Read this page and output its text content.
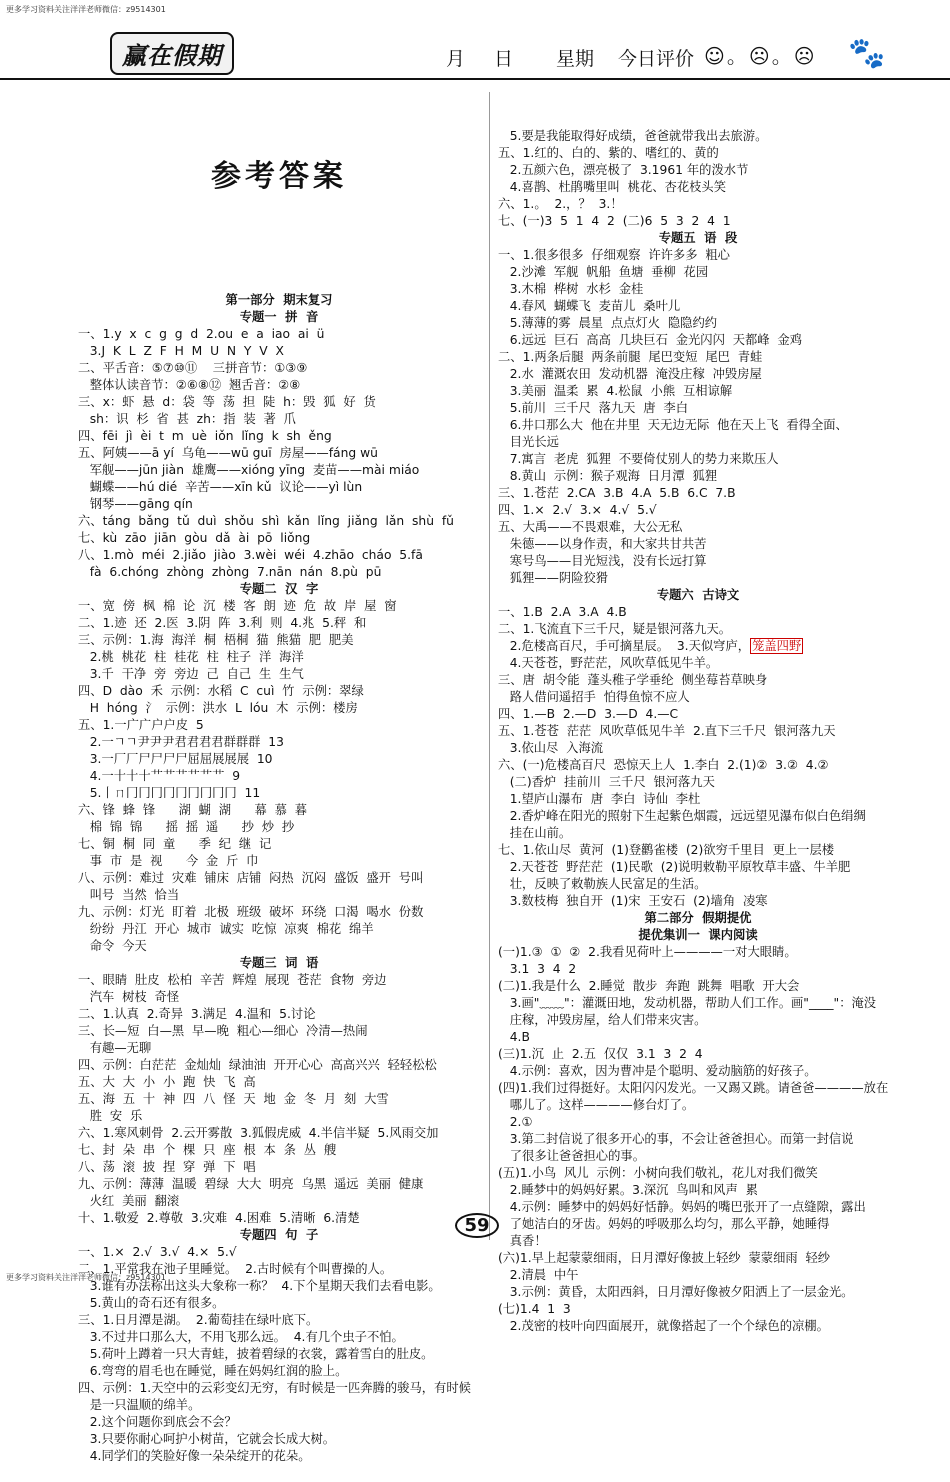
更多学习资料关注洋洋老师微信：z9514301
赢在假期	月 日 星期 今日评价 ☺。☹。☹ 🐾

参考答案

第一部分  期末复习
专题一  拼  音
一、1.y  x  c  g  g  d  2.ou  e  a  iao  ai  ü
3.J  K  L  Z  F  H  M  U  N  Y  V  X
二、平舌音：⑤⑦⑩⑪    三拼音节：①③⑨
整体认读音节：②⑥⑧⑫  翘舌音：②⑧
三、x：虾  悬  d：袋  等  荡  担  陡  h：毁  狐  好  货
sh：识  杉  省  甚  zh：指  装  著  爪
四、fēi  jì  èi  t  m  uè  iǒn  lǐng  k  sh  ěng
五、阿姨——ā yí  乌龟——wū guī  房屋——fáng wū
军舰——jūn jiàn  雄鹰——xióng yīng  麦苗——mài miáo
蝴蝶——hú dié  辛苦——xīn kǔ  议论——yì lùn
钢琴——gāng qín
六、táng  bǎng  tǔ  duì  shǒu  shì  kǎn  lǐng  jiǎng  lǎn  shù  fǔ
七、kù  zāo  jiān  gòu  dǎ  ài  pō  liǒng
八、1.mò  méi  2.jiǎo  jiào  3.wèi  wéi  4.zhāo  cháo  5.fā
fà  6.chóng  zhòng  zhòng  7.nān  nán  8.pù  pū
专题二  汉  字
一、宽  傍  枫  棉  论  沉  楼  客  朗  迹  危  故  岸  屋  窗
二、1.迹  还  2.医  3.阴  阵  3.利  则  4.兆  5.秤  和
三、示例：1.海  海洋  桐  梧桐  猫  熊猫  肥  肥美
2.桃  桃花  柱  桂花  柱  柱子  洋  海洋
3.千  干净  旁  旁边  己  自己  生  生气
四、D  dào  禾  示例：水稻  C  cuì  竹  示例：翠绿
H  hóng  氵  示例：洪水  L  lóu  木  示例：楼房
五、1.一广广户户皮  5
2.一ㄱㄱ尹尹尹君君君君群群群  13
3.一厂厂尸尸尸尸屈屈展展展  10
4.一十十十艹艹艹艹艹艹  9
5.丨ㄇ冂冂冂冂冂冂冂冂冂  11
六、锋  蜂  锋      湖  蝴  湖      幕  慕  暮
棉  锦  锦      摇  摇  遥      抄  炒  抄
七、铜  桐  同  童      季  纪  继  记
事  市  是  视      今  金  斤  巾
八、示例：难过  灾难  铺床  店铺  闷热  沉闷  盛饭  盛开  号叫
叫号  当然  恰当
九、示例：灯光  盯着  北极  班级  破坏  环绕  口渴  喝水  份数
纷纷  丹江  开心  城市  诚实  吃惊  凉爽  棉花  绵羊
命令  今天
专题三  词  语
一、眼睛  肚皮  松柏  辛苦  辉煌  展现  苍茫  食物  旁边
汽车  树枝  奇怪
二、1.认真  2.奇异  3.满足  4.温和  5.讨论
三、长—短  白—黑  早—晚  粗心—细心  冷清—热闹
有趣—无聊
四、示例：白茫茫  金灿灿  绿油油  开开心心  高高兴兴  轻轻松松
五、大  大  小  小  跑  快  飞  高
五、海  五  十  神  四  八  怪  天  地  金  冬  月  刻  大雪
胜  安  乐
六、1.寒风刺骨  2.云开雾散  3.狐假虎威  4.半信半疑  5.风雨交加
七、封  朵  串  个  棵  只  座  根  本  条  丛  艘
八、荡  滚  披  捏  穿  弹  下  唱
九、示例：薄薄  温暖  碧绿  大大  明亮  乌黑  遥远  美丽  健康
火红  美丽  翻滚
十、1.敬爱  2.尊敬  3.灾难  4.困难  5.清晰  6.清楚
专题四  句  子
一、1.×  2.√  3.√  4.×  5.√
二、1.平常我在池子里睡觉。  2.古时候有个叫曹操的人。
3.谁有办法称出这头大象称一称？  4.下个星期天我们去看电影。
5.黄山的奇石还有很多。
三、1.日月潭是湖。  2.葡萄挂在绿叶底下。
3.不过井口那么大，不用飞那么远。  4.有几个虫子不怕。
5.荷叶上蹲着一只大青蛙，披着碧绿的衣裳，露着雪白的肚皮。
6.弯弯的眉毛也在睡觉，睡在妈妈红润的脸上。
四、示例：1.天空中的云彩变幻无穷，有时候是一匹奔腾的骏马，有时候
是一只温顺的绵羊。
2.这个问题你到底会不会？
3.只要你耐心呵护小树苗，它就会长成大树。
4.同学们的笑脸好像一朵朵绽开的花朵。

5.要是我能取得好成绩，爸爸就带我出去旅游。
五、1.红的、白的、紫的、嗜红的、黄的
2.五颜六色，漂亮极了  3.1961 年的泼水节
4.喜鹊、杜鹃嘴里叫  桃花、杏花枝头笑
六、1.。  2.，？  3.！
七、(一)3  5  1  4  2  (二)6  5  3  2  4  1
专题五  语  段
一、1.很多很多  仔细观察  许许多多  粗心
2.沙滩  军舰  帆船  鱼塘  垂柳  花园
3.木棉  桦树  水杉  金桂
4.春风  蝴蝶飞  麦苗儿  桑叶儿
5.薄薄的雾  晨星  点点灯火  隐隐约约
6.远远  巨石  高高  几块巨石  金光闪闪  天都峰  金鸡
二、1.两条后腿  两条前腿  尾巴变短  尾巴  青蛙
2.水  灌溉农田  发动机器  淹没庄稼  冲毁房屋
3.美丽  温柔  累  4.松鼠  小熊  互相谅解
5.前川  三千尺  落九天  唐  李白
6.井口那么大  他在井里  天无边无际  他在天上飞  看得全面、
目光长远
7.寓言  老虎  狐狸  不要倚仗别人的势力来欺压人
8.黄山  示例：猴子观海  日月潭  狐狸
三、1.苍茫  2.CA  3.B  4.A  5.B  6.C  7.B
四、1.×  2.√  3.×  4.√  5.√
五、大禹——不畏艰难，大公无私
朱德——以身作责，和大家共甘共苦
寒号鸟——目光短浅，没有长远打算
狐狸——阴险狡猾
专题六  古诗文
一、1.B  2.A  3.A  4.B
二、1.飞流直下三千尺，疑是银河落九天。
2.危楼高百尺，手可摘星辰。  3.天似穹庐， 笼盖四野
4.天苍苍，野茫茫，风吹草低见牛羊。
三、唐  胡令能  蓬头稚子学垂纶  侧坐莓苔草映身
路人借问遥招手  怕得鱼惊不应人
四、1.—B  2.—D  3.—D  4.—C
五、1.苍苍  茫茫  风吹草低见牛羊  2.直下三千尺  银河落九天
3.依山尽  入海流
六、(一)危楼高百尺  恐惊天上人  1.李白  2.(1)②  3.②  4.②
(二)香炉  挂前川  三千尺  银河落九天
1.望庐山瀑布  唐  李白  诗仙  李杜
2.香炉峰在阳光的照射下生起紫色烟霞，远远望见瀑布似白色绢绸
挂在山前。
七、1.依山尽  黄河  (1)登鹳雀楼  (2)欲穷千里目  更上一层楼
2.天苍苍  野茫茫  (1)民歌  (2)说明敕勒平原牧草丰盛、牛羊肥
壮，反映了敕勒族人民富足的生活。
3.数枝梅  独自开  (1)宋  王安石  (2)墙角  凌寒
第二部分  假期提优
提优集训一  课内阅读
(一)1.③  ①  ②  2.我看见荷叶上————一对大眼睛。
3.1  3  4  2
(二)1.我是什么  2.睡觉  散步  奔跑  跳舞  唱歌  开大会
3.画"﹏﹏"：灌溉田地，发动机器，帮助人们工作。画"____"：淹没
庄稼，冲毁房屋，给人们带来灾害。
4.B
(三)1.沉  止  2.五  仅仅  3.1  3  2  4
4.示例：喜欢，因为曹冲是个聪明、爱动脑筋的好孩子。
(四)1.我们过得挺好。太阳闪闪发光。一又踢又跳。请爸爸————放在
哪儿了。这样————修台灯了。
2.①
3.第二封信说了很多开心的事，不会让爸爸担心。而第一封信说
了很多让爸爸担心的事。
(五)1.小鸟  风儿  示例：小树向我们敬礼，花儿对我们微笑
2.睡梦中的妈妈好累。3.深沉  鸟叫和风声  累
4.示例：睡梦中的妈妈好恬静。妈妈的嘴巴张开了一点缝隙，露出
了她洁白的牙齿。妈妈的呼吸那么均匀，那么平静，她睡得
真香！
(六)1.早上起蒙蒙细雨，日月潭好像披上轻纱  蒙蒙细雨  轻纱
2.清晨  中午
3.示例：黄昏，太阳西斜，日月潭好像被夕阳洒上了一层金光。
(七)1.4  1  3
2.茂密的枝叶向四面展开，就像搭起了一个个绿色的凉棚。

59
更多学习资料关注洋洋老师微信：z9514301
